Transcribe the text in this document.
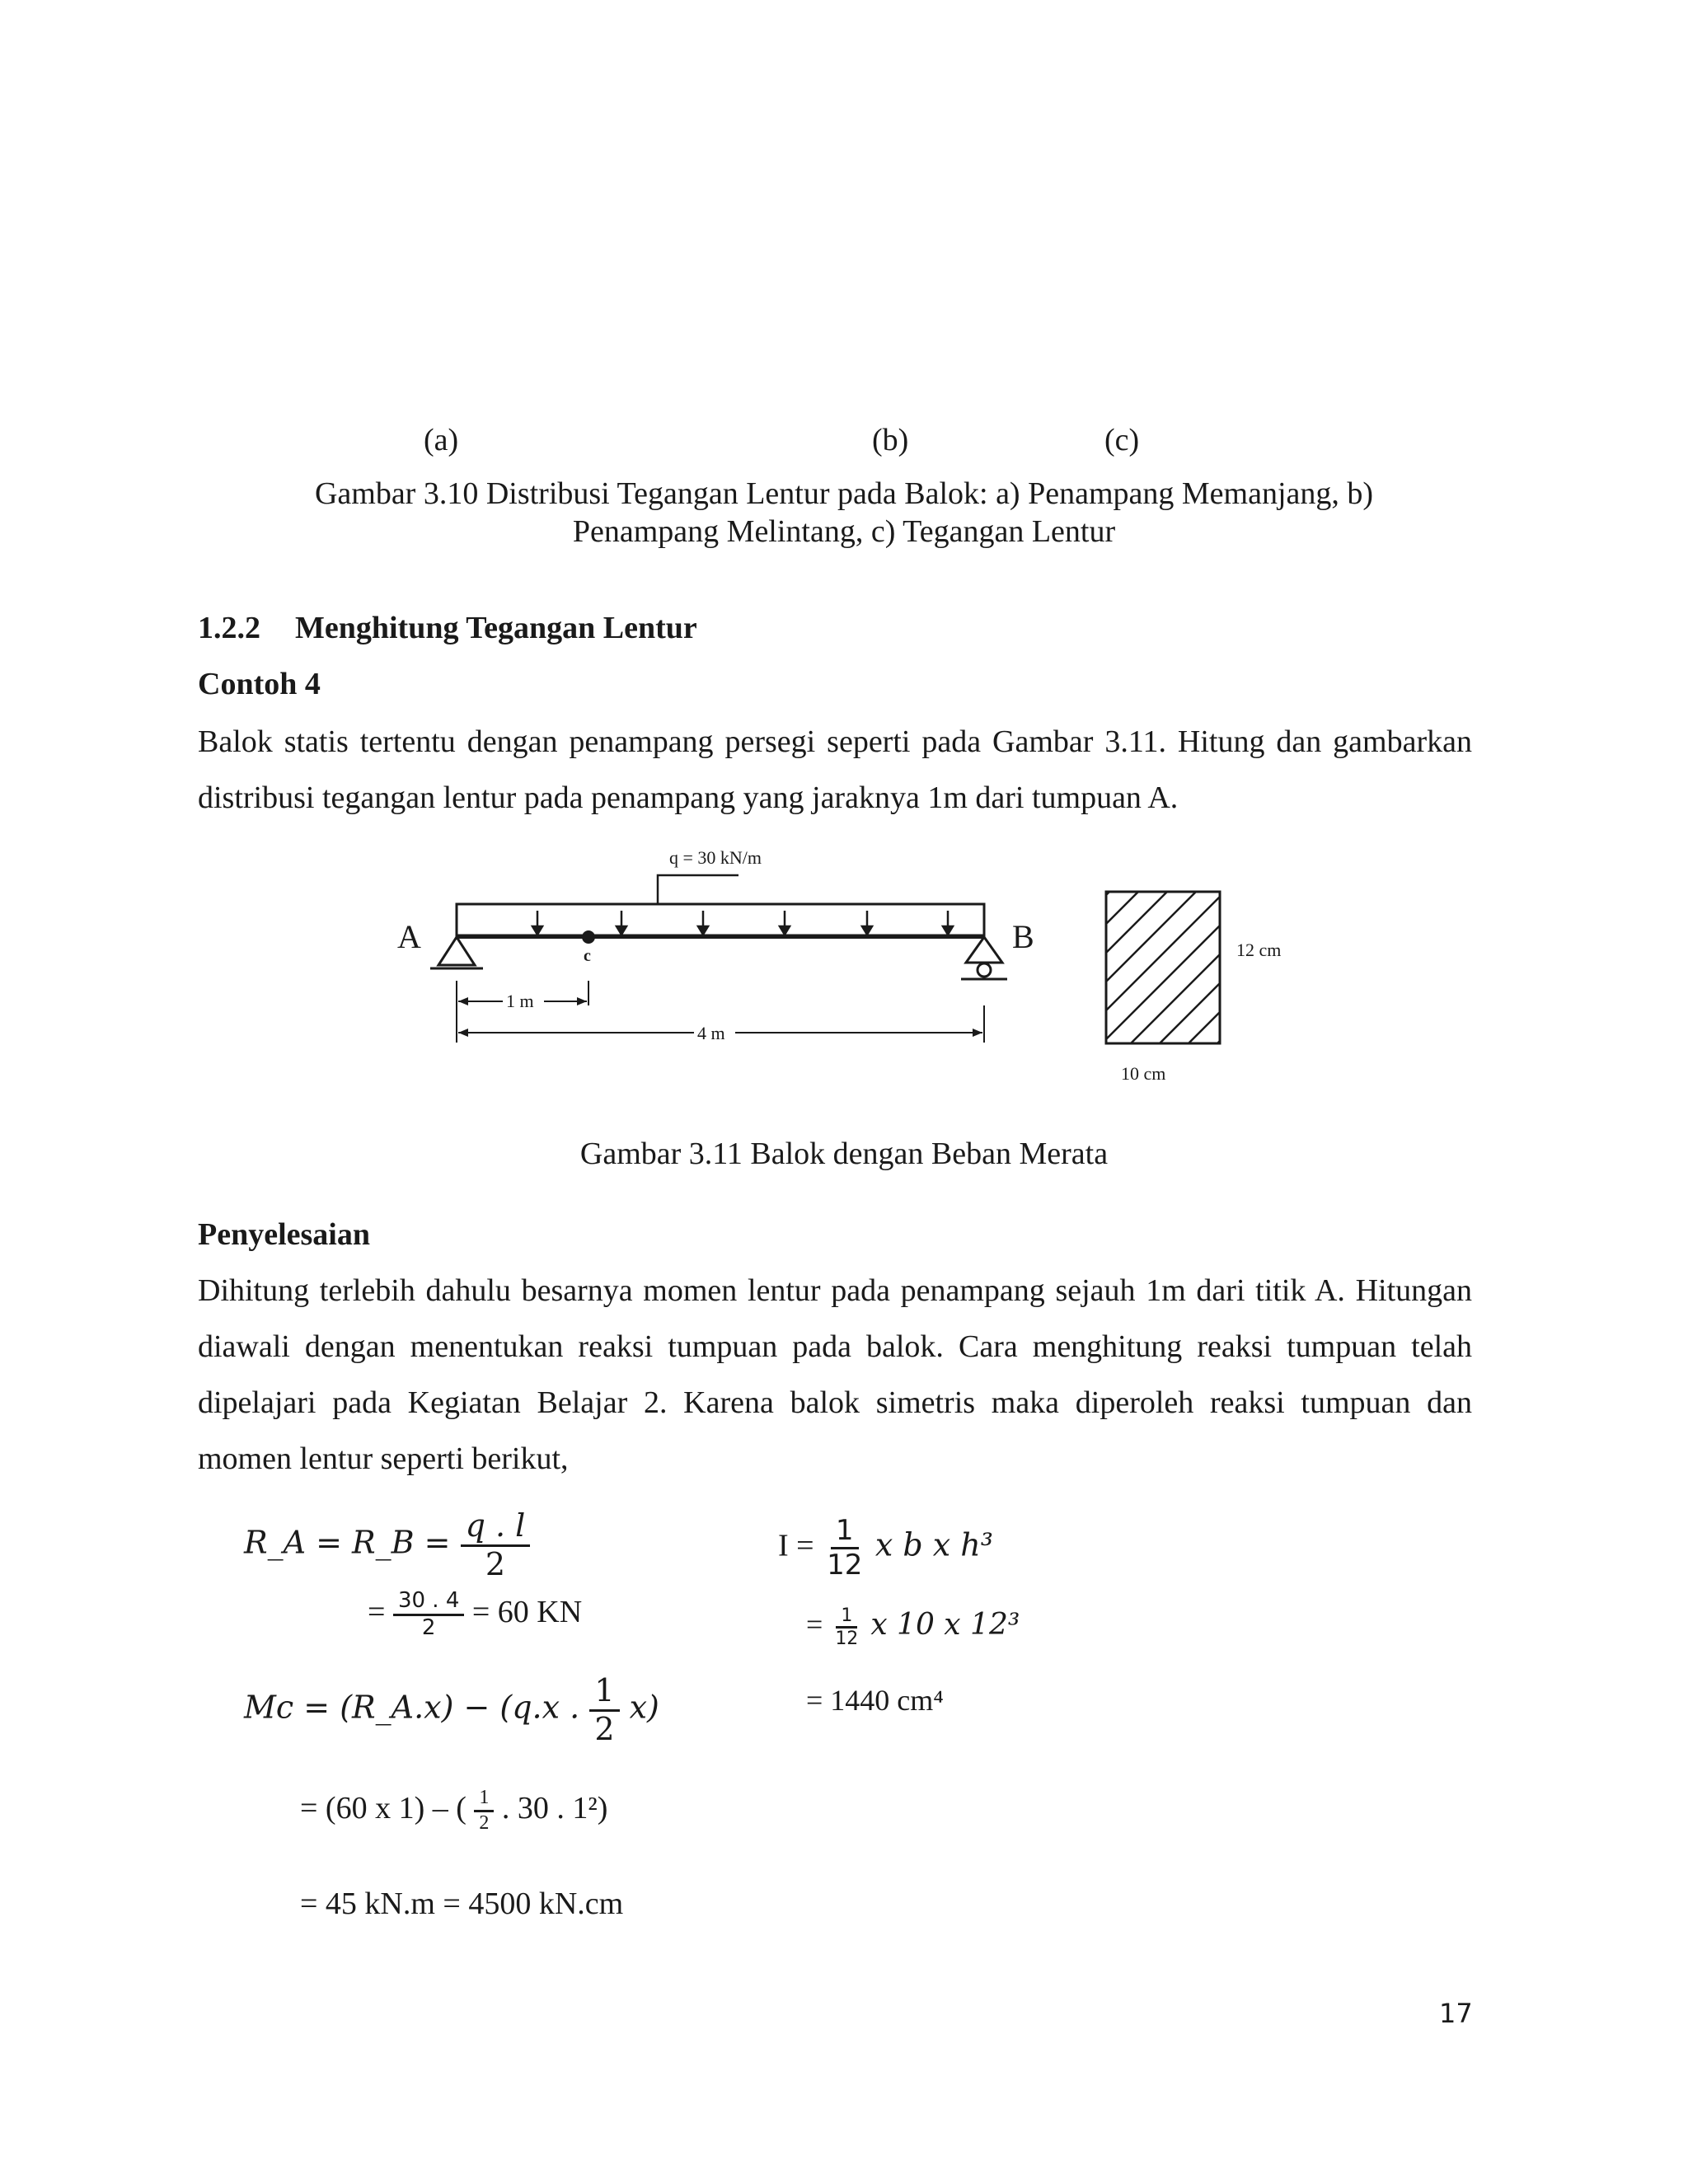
(a)	(b)	(c)
Gambar 3.10 Distribusi Tegangan Lentur pada Balok: a) Penampang Memanjang, b)
Penampang Melintang, c) Tegangan Lentur
1.2.2 Menghitung Tegangan Lentur
Contoh 4

Balok statis tertentu dengan penampang persegi seperti pada Gambar 3.11. Hitung dan gambarkan distribusi tegangan lentur pada penampang yang jaraknya 1m dari tumpuan A.

q = 30 kN/m
A	B
c
1 m
4 m
12 cm
10 cm
Gambar 3.11 Balok dengan Beban Merata
Penyelesaian

Dihitung terlebih dahulu besarnya momen lentur pada penampang sejauh 1m dari titik A. Hitungan diawali dengan menentukan reaksi tumpuan pada balok. Cara menghitung reaksi tumpuan telah dipelajari pada Kegiatan Belajar 2. Karena balok simetris maka diperoleh reaksi tumpuan dan momen lentur seperti berikut,

R_A = R_B = $\frac{q . l}{2}$
= $\frac{30 . 4}{2} = 60$ KN
Mc = (R_A.x) − (q.x . $\frac{1}{2} x$)
= (60 x 1) – ( $\frac{1}{2}$ . 30 . 1²)
= 45 kN.m = 4500 kN.cm
$I = \frac{1}{12}$ x b x h³
= $\frac{1}{12}$ x 10 x 12³
= 1440 cm⁴
17
